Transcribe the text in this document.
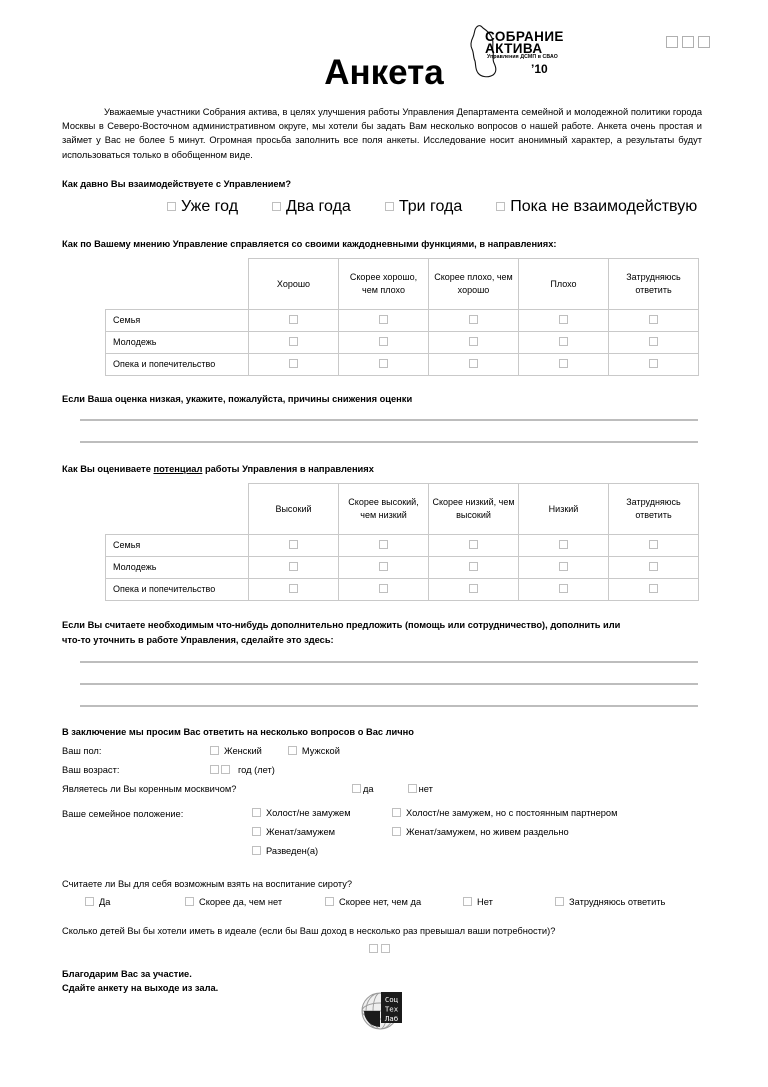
Анкета
СОБРАНИЕ
АКТИВА
Управления ДСМП в СВАО
’10

Уважаемые участники Собрания актива, в целях улучшения работы Управления Департамента семейной и молодежной политики города Москвы в Северо-Восточном административном округе, мы хотели бы задать Вам несколько вопросов о нашей работе. Анкета очень простая и займет у Вас не более 5 минут. Огромная просьба заполнить все поля анкеты. Исследование носит анонимный характер, а результаты будут использоваться только в обобщенном виде.

Как давно Вы взаимодействуете с Управлением?
Уже год	Два года	Три года	Пока не взаимодействую
Как по Вашему мнению Управление справляется со своими каждодневными функциями, в направлениях:
	Хорошо	Скорее хорошо, чем плохо	Скорее плохо, чем хорошо	Плохо	Затрудняюсь ответить
Семья					
Молодежь					
Опека и попечительство					
Если Ваша оценка низкая, укажите, пожалуйста, причины снижения оценки
Как Вы оцениваете потенциал работы Управления в направлениях
	Высокий	Скорее высокий, чем низкий	Скорее низкий, чем высокий	Низкий	Затрудняюсь ответить
Семья					
Молодежь					
Опека и попечительство					
Если Вы считаете необходимым что-нибудь дополнительно предложить (помощь или сотрудничество), дополнить или
что-то уточнить в работе Управления, сделайте это здесь:
В заключение мы просим Вас ответить на несколько вопросов о Вас лично
Ваш пол:	Женский	Мужской
Ваш возраст:	год (лет)
Являетесь ли Вы коренным москвичом?	да	нет
Ваше семейное положение:	Холост/не замужем
Женат/замужем
Разведен(а)
Холост/не замужем, но с постоянным партнером
Женат/замужем, но живем раздельно
Считаете ли Вы для себя возможным взять на воспитание сироту?
Да	Скорее да, чем нет	Скорее нет, чем да	Нет	Затрудняюсь ответить
Сколько детей Вы бы хотели иметь в идеале (если бы Ваш доход в несколько раз превышал ваши потребности)?
Благодарим Вас за участие.
Сдайте анкету на выходе из зала.
Соц
Тех
Лаб
